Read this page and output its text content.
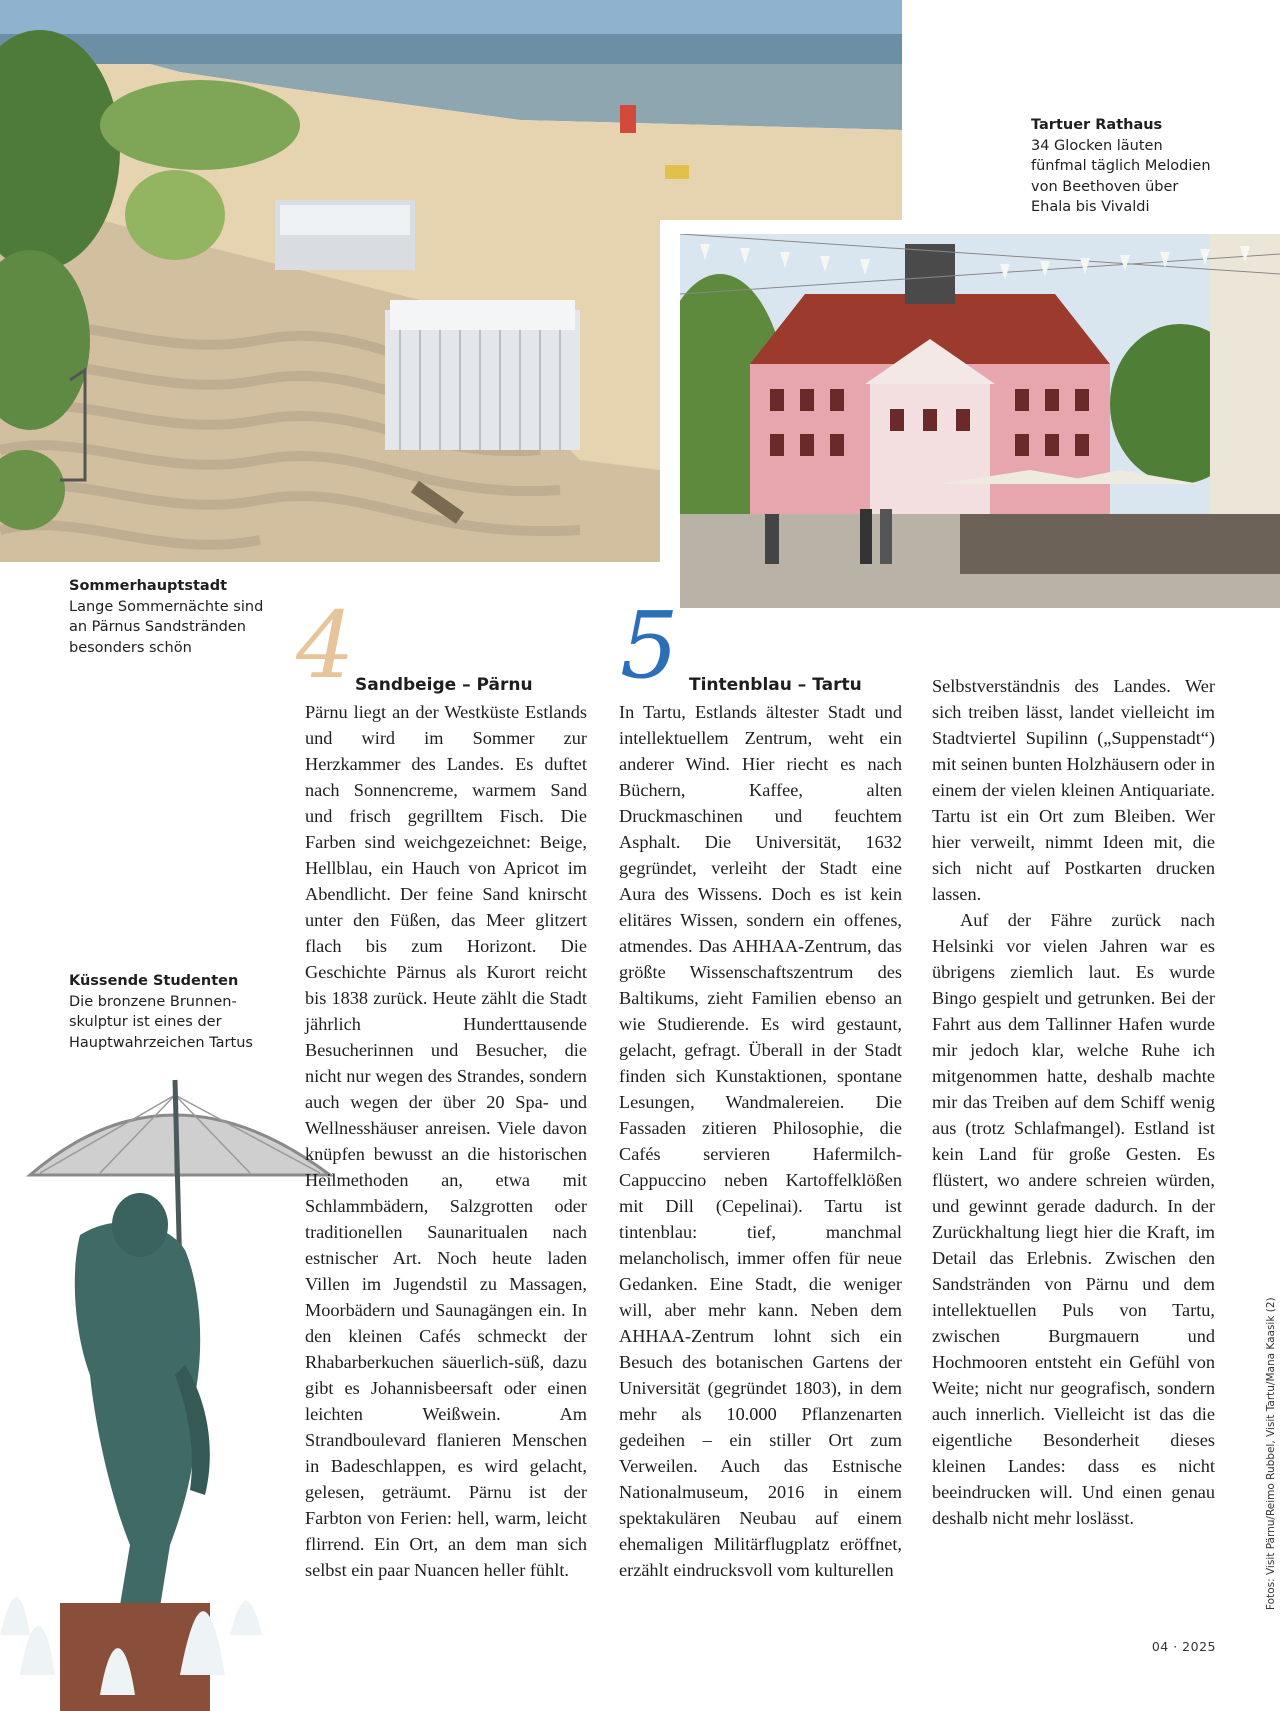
Tartuer Rathaus
34 Glocken läuten fünfmal täglich Melodien von Beethoven über Ehala bis Vivaldi
Sommerhauptstadt
Lange Sommernächte sind an Pärnus Sandstränden besonders schön
Küssende Studenten
Die bronzene Brunnen-skulptur ist eines der Hauptwahrzeichen Tartus
4 Sandbeige – Pärnu 5 Tintenblau – Tartu

Pärnu liegt an der Westküste Estlands und wird im Sommer zur Herzkammer des Landes. Es duftet nach Sonnencreme, warmem Sand und frisch gegrilltem Fisch. Die Farben sind weichgezeichnet: Beige, Hellblau, ein Hauch von Apricot im Abendlicht. Der feine Sand knirscht unter den Füßen, das Meer glitzert flach bis zum Horizont. Die Geschichte Pärnus als Kurort reicht bis 1838 zurück. Heute zählt die Stadt jährlich Hunderttausende Besucherinnen und Besucher, die nicht nur wegen des Strandes, sondern auch wegen der über 20 Spa- und Wellnesshäuser anreisen. Viele davon knüpfen bewusst an die historischen Heilmethoden an, etwa mit Schlammbädern, Salzgrotten oder traditionellen Saunaritualen nach estnischer Art. Noch heute laden Villen im Jugendstil zu Massagen, Moorbädern und Saunagängen ein. In den kleinen Cafés schmeckt der Rhabarberkuchen säuerlich-süß, dazu gibt es Johannisbeersaft oder einen leichten Weißwein. Am Strandboulevard flanieren Menschen in Badeschlappen, es wird gelacht, gelesen, geträumt. Pärnu ist der Farbton von Ferien: hell, warm, leicht flirrend. Ein Ort, an dem man sich selbst ein paar Nuancen heller fühlt.

In Tartu, Estlands ältester Stadt und intellektuellem Zentrum, weht ein anderer Wind. Hier riecht es nach Büchern, Kaffee, alten Druckmaschinen und feuchtem Asphalt. Die Universität, 1632 gegründet, verleiht der Stadt eine Aura des Wissens. Doch es ist kein elitäres Wissen, sondern ein offenes, atmendes. Das AHHAA-Zentrum, das größte Wissenschaftszentrum des Baltikums, zieht Familien ebenso an wie Studierende. Es wird gestaunt, gelacht, gefragt. Überall in der Stadt finden sich Kunstaktionen, spontane Lesungen, Wandmalereien. Die Fassaden zitieren Philosophie, die Cafés servieren Hafermilch-Cappuccino neben Kartoffelklößen mit Dill (Cepelinai). Tartu ist tintenblau: tief, manchmal melancholisch, immer offen für neue Gedanken. Eine Stadt, die weniger will, aber mehr kann. Neben dem AHHAA-Zentrum lohnt sich ein Besuch des botanischen Gartens der Universität (gegründet 1803), in dem mehr als 10.000 Pflanzenarten gedeihen – ein stiller Ort zum Verweilen. Auch das Estnische Nationalmuseum, 2016 in einem spektakulären Neubau auf einem ehemaligen Militärflugplatz eröffnet, erzählt eindrucksvoll vom kulturellen

Selbstverständnis des Landes. Wer sich treiben lässt, landet vielleicht im Stadtviertel Supilinn („Suppenstadt“) mit seinen bunten Holzhäusern oder in einem der vielen kleinen Antiquariate. Tartu ist ein Ort zum Bleiben. Wer hier verweilt, nimmt Ideen mit, die sich nicht auf Postkarten drucken lassen.

Auf der Fähre zurück nach Helsinki vor vielen Jahren war es übrigens ziemlich laut. Es wurde Bingo gespielt und getrunken. Bei der Fahrt aus dem Tallinner Hafen wurde mir jedoch klar, welche Ruhe ich mitgenommen hatte, deshalb machte mir das Treiben auf dem Schiff wenig aus (trotz Schlafmangel). Estland ist kein Land für große Gesten. Es flüstert, wo andere schreien würden, und gewinnt gerade dadurch. In der Zurückhaltung liegt hier die Kraft, im Detail das Erlebnis. Zwischen den Sandstränden von Pärnu und dem intellektuellen Puls von Tartu, zwischen Burgmauern und Hochmooren entsteht ein Gefühl von Weite; nicht nur geografisch, sondern auch innerlich. Vielleicht ist das die eigentliche Besonderheit dieses kleinen Landes: dass es nicht beeindrucken will. Und einen genau deshalb nicht mehr loslässt.	Fotos: Visit Pärnu/Reimo Rubbel, Visit Tartu/Mana Kaasik (2)
04 · 2025
